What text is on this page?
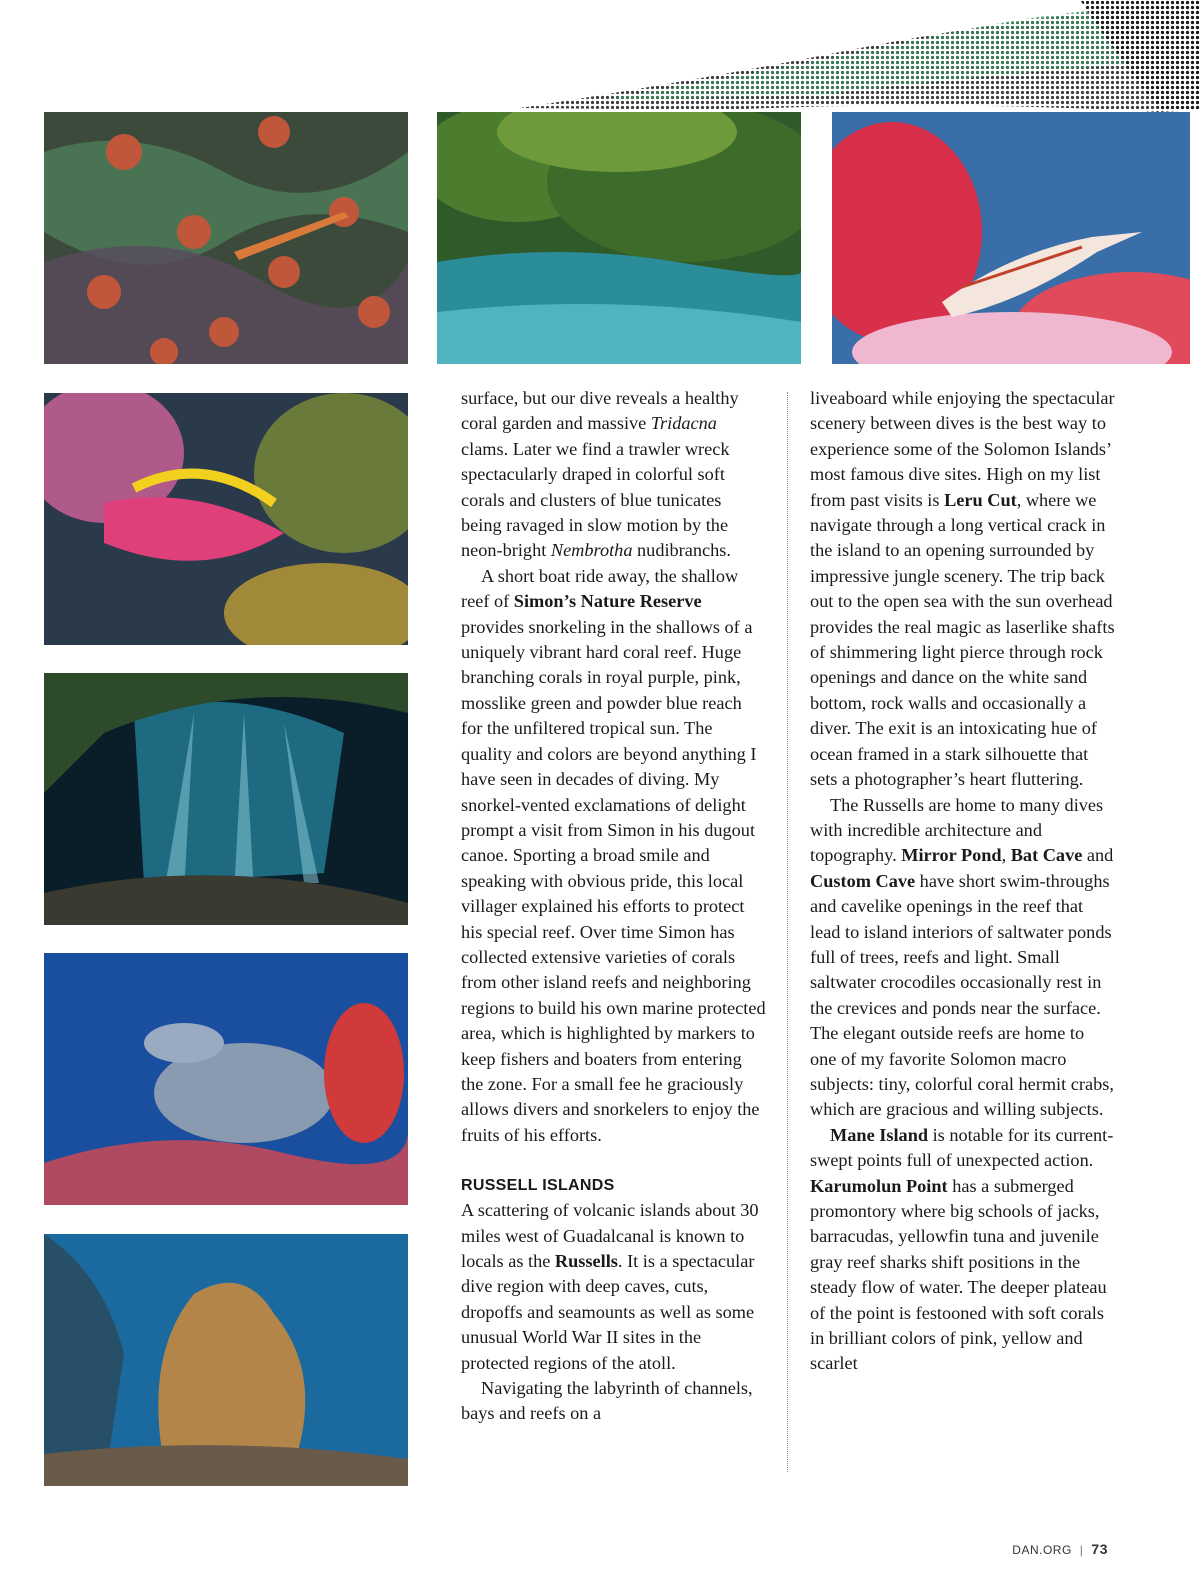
surface, but our dive reveals a healthy coral garden and massive Tridacna clams. Later we find a trawler wreck spectacularly draped in colorful soft corals and clusters of blue tunicates being ravaged in slow motion by the neon-bright Nembrotha nudibranchs.

A short boat ride away, the shallow reef of Simon’s Nature Reserve provides snorkeling in the shallows of a uniquely vibrant hard coral reef. Huge branching corals in royal purple, pink, mosslike green and powder blue reach for the unfiltered tropical sun. The quality and colors are beyond anything I have seen in decades of diving. My snorkel-vented exclamations of delight prompt a visit from Simon in his dugout canoe. Sporting a broad smile and speaking with obvious pride, this local villager explained his efforts to protect his special reef. Over time Simon has collected extensive varieties of corals from other island reefs and neighboring regions to build his own marine protected area, which is highlighted by markers to keep fishers and boaters from entering the zone. For a small fee he graciously allows divers and snorkelers to enjoy the fruits of his efforts.

RUSSELL ISLANDS

A scattering of volcanic islands about 30 miles west of Guadalcanal is known to locals as the Russells. It is a spectacular dive region with deep caves, cuts, dropoffs and seamounts as well as some unusual World War II sites in the protected regions of the atoll.

Navigating the labyrinth of channels, bays and reefs on a

liveaboard while enjoying the spectacular scenery between dives is the best way to experience some of the Solomon Islands’ most famous dive sites. High on my list from past visits is Leru Cut, where we navigate through a long vertical crack in the island to an opening surrounded by impressive jungle scenery. The trip back out to the open sea with the sun overhead provides the real magic as laserlike shafts of shimmering light pierce through rock openings and dance on the white sand bottom, rock walls and occasionally a diver. The exit is an intoxicating hue of ocean framed in a stark silhouette that sets a photographer’s heart fluttering.

The Russells are home to many dives with incredible architecture and topography. Mirror Pond, Bat Cave and Custom Cave have short swim-throughs and cavelike openings in the reef that lead to island interiors of saltwater ponds full of trees, reefs and light. Small saltwater crocodiles occasionally rest in the crevices and ponds near the surface. The elegant outside reefs are home to one of my favorite Solomon macro subjects: tiny, colorful coral hermit crabs, which are gracious and willing subjects.

Mane Island is notable for its current-swept points full of unexpected action. Karumolun Point has a submerged promontory where big schools of jacks, barracudas, yellowfin tuna and juvenile gray reef sharks shift positions in the steady flow of water. The deeper plateau of the point is festooned with soft corals in brilliant colors of pink, yellow and scarlet

DAN.ORG | 73
